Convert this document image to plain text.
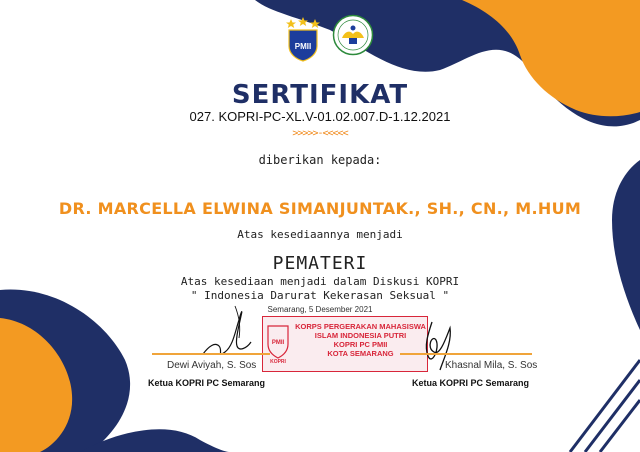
PMII
SERTIFIKAT
027. KOPRI-PC-XL.V-01.02.007.D-1.12.2021
>>>>>-<<<<<
diberikan kepada:
DR. MARCELLA ELWINA SIMANJUNTAK., SH., CN., M.HUM
Atas kesediaannya menjadi
PEMATERI
Atas kesediaan menjadi dalam Diskusi KOPRI
" Indonesia Darurat Kekerasan Seksual "
Semarang, 5 Desember 2021
PMII
KOPRI
KORPS PERGERAKAN MAHASISWA
ISLAM INDONESIA PUTRI
KOPRI PC PMII
KOTA SEMARANG
Dewi Aviyah, S. Sos
Ketua KOPRI PC Semarang
Khasnal Mila, S. Sos
Ketua KOPRI PC Semarang
